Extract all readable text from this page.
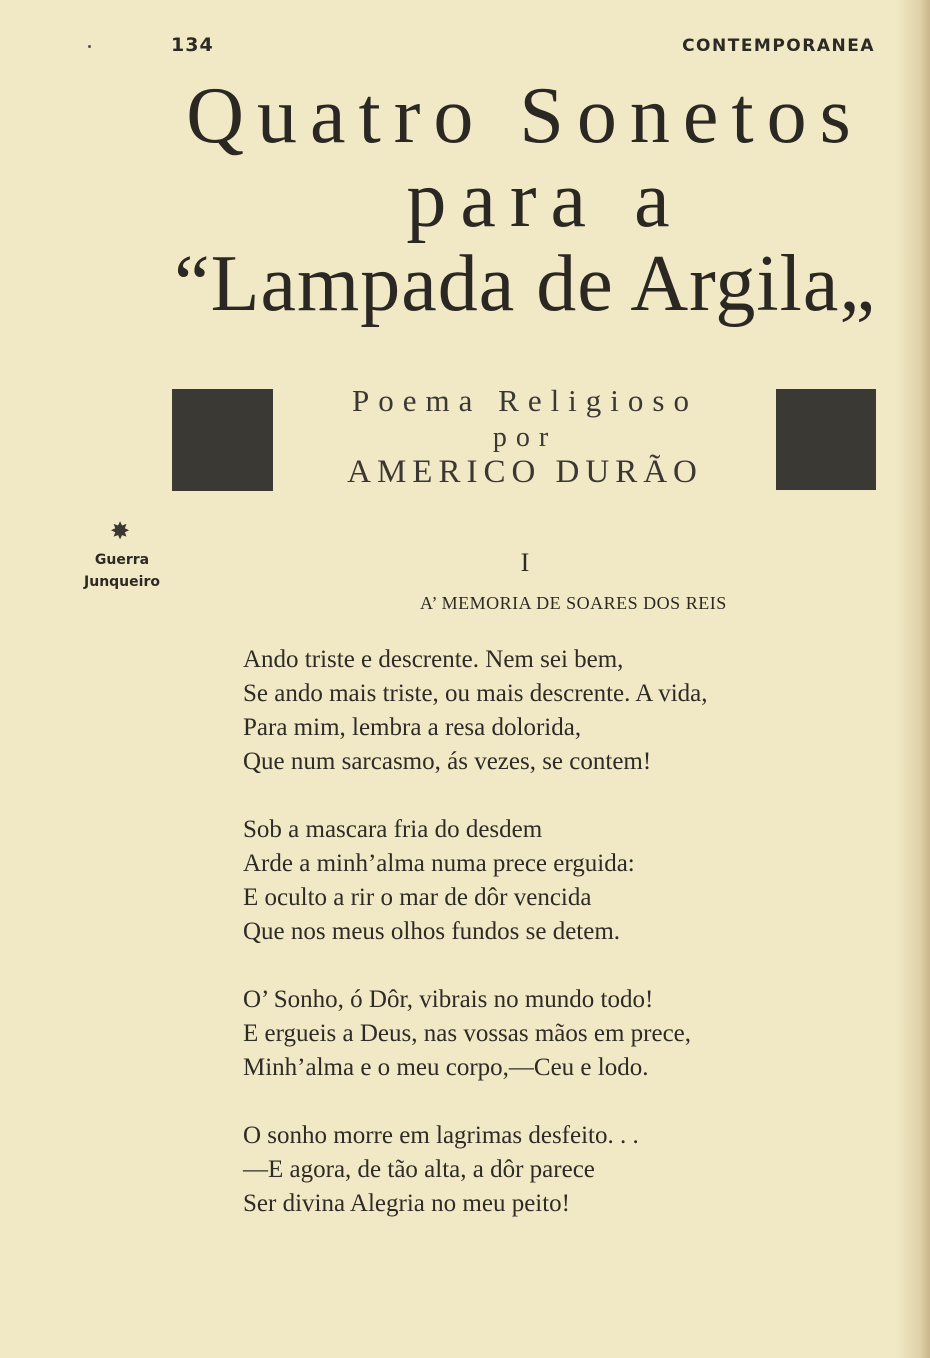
134	CONTEMPORANEA
Quatro Sonetos
para a
“Lampada de Argila„
Poema Religioso
por
AMERICO DURÃO
✸
Guerra
Junqueiro
I
A’ MEMORIA DE SOARES DOS REIS
Ando triste e descrente. Nem sei bem,
Se ando mais triste, ou mais descrente. A vida,
Para mim, lembra a resa dolorida,
Que num sarcasmo, ás vezes, se contem!
Sob a mascara fria do desdem
Arde a minh’alma numa prece erguida:
E oculto a rir o mar de dôr vencida
Que nos meus olhos fundos se detem.
O’ Sonho, ó Dôr, vibrais no mundo todo!
E ergueis a Deus, nas vossas mãos em prece,
Minh’alma e o meu corpo,—Ceu e lodo.
O sonho morre em lagrimas desfeito. . .
—E agora, de tão alta, a dôr parece
Ser divina Alegria no meu peito!
